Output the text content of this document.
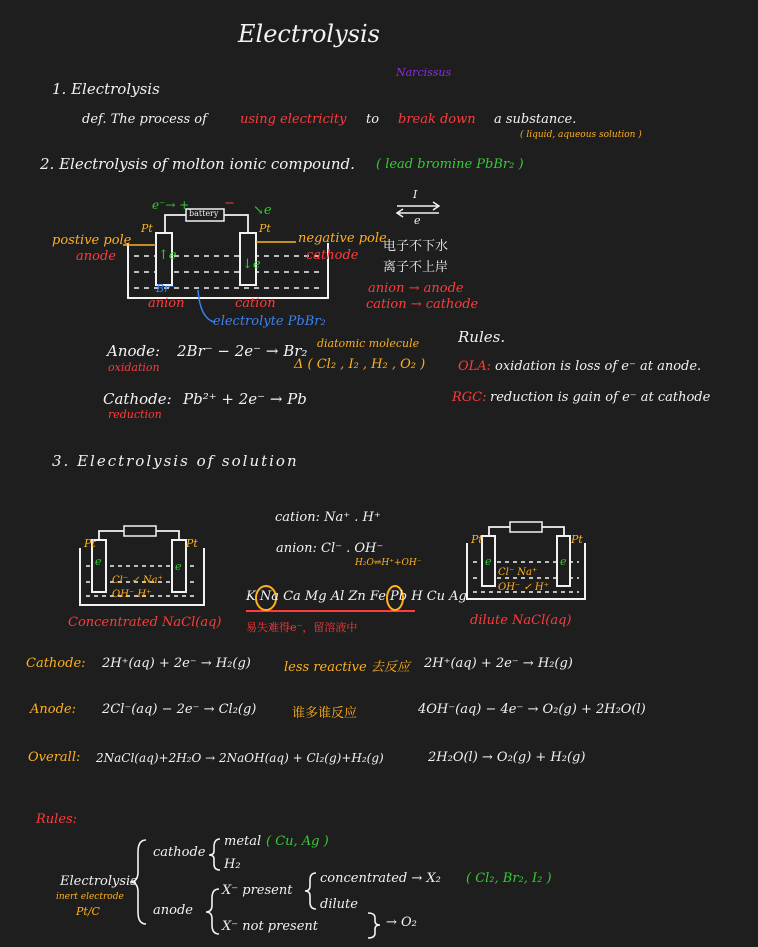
Electrolysis
Narcissus
1. Electrolysis
def. The process of	using electricity to break down a substance.
( liquid, aqueous solution )
2. Electrolysis of molton ionic compound. ( lead bromine PbBr₂ )
battery
e⁻→ +	− ↘e
Pt	Pt
postive pole
anode
negative pole
cathode
↑e
↓e
Br⁻
anion	cation
electrolyte PbBr₂
I
e
电子不下水
离子不上岸
anion → anode
cation → cathode
Rules.
OLA: oxidation is loss of e⁻ at anode.
RGC: reduction is gain of e⁻ at cathode
Anode: 2Br⁻ − 2e⁻ → Br₂
oxidation
diatomic molecule
Δ ( Cl₂ , I₂ , H₂ , O₂ )
Cathode: Pb²⁺ + 2e⁻ → Pb
reduction
3. Electrolysis of solution
cation: Na⁺ . H⁺
anion: Cl⁻ . OH⁻
H₂O⇌H⁺+OH⁻
K Na Ca Mg Al Zn Fe Pb H Cu Ag
易失难得e⁻，留溶液中
Pt	Pt
e	e
Cl⁻ ✓ Na⁺
OH⁻ H⁺
Concentrated NaCl(aq)
Pt	Pt
e	e
Cl⁻ Na⁺
OH⁻ ✓ H⁺
dilute NaCl(aq)
Cathode: 2H⁺(aq) + 2e⁻ → H₂(g)	less reactive 去反应 2H⁺(aq) + 2e⁻ → H₂(g)
Anode: 2Cl⁻(aq) − 2e⁻ → Cl₂(g)	谁多谁反应	4OH⁻(aq) − 4e⁻ → O₂(g) + 2H₂O(l)
Overall: 2NaCl(aq)+2H₂O → 2NaOH(aq) + Cl₂(g)+H₂(g)	2H₂O(l) → O₂(g) + H₂(g)
Rules:
Electrolysis
inert electrode
Pt/C
cathode
metal ( Cu, Ag )
H₂
anode
X⁻ present
concentrated → X₂ ( Cl₂, Br₂, I₂ )
dilute
X⁻ not present	→ O₂
